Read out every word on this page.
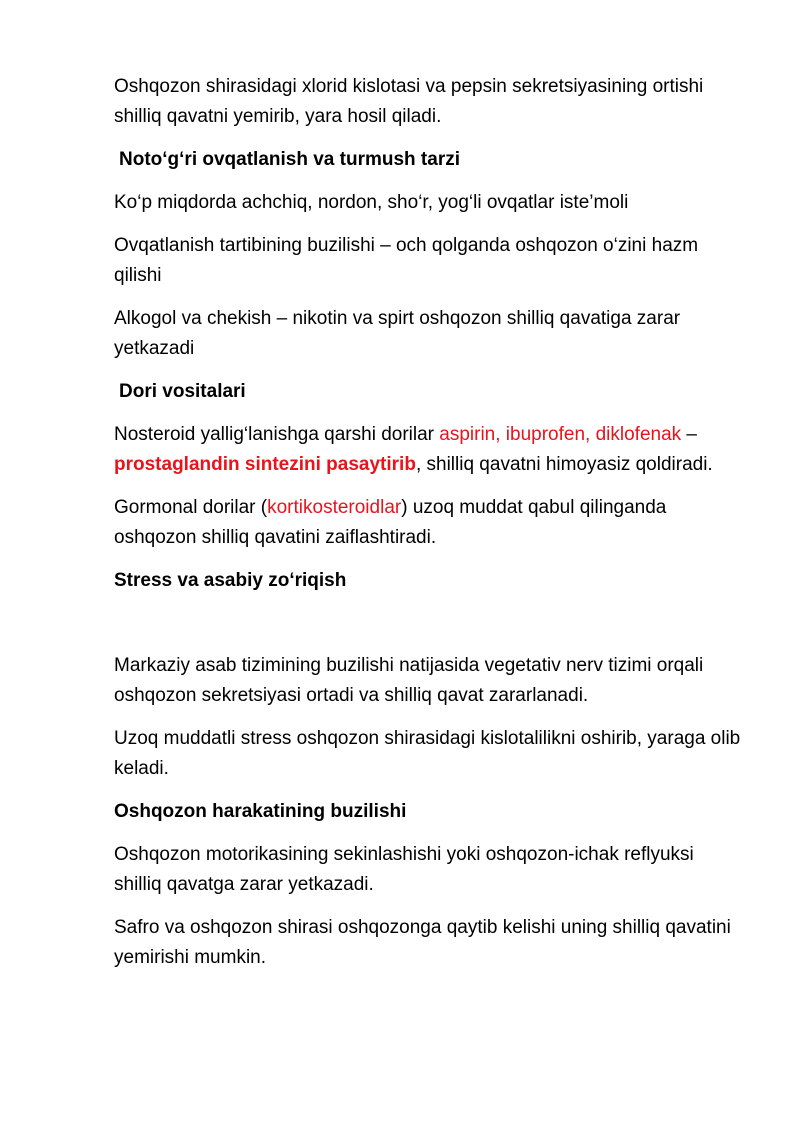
Oshqozon shirasidagi xlorid kislotasi va pepsin sekretsiyasining ortishi shilliq qavatni yemirib, yara hosil qiladi.

Noto‘g‘ri ovqatlanish va turmush tarzi

Ko‘p miqdorda achchiq, nordon, sho‘r, yog‘li ovqatlar iste’moli

Ovqatlanish tartibining buzilishi – och qolganda oshqozon o‘zini hazm qilishi

Alkogol va chekish – nikotin va spirt oshqozon shilliq qavatiga zarar yetkazadi

Dori vositalari

Nosteroid yallig‘lanishga qarshi dorilar aspirin, ibuprofen, diklofenak – prostaglandin sintezini pasaytirib, shilliq qavatni himoyasiz qoldiradi.

Gormonal dorilar (kortikosteroidlar) uzoq muddat qabul qilinganda oshqozon shilliq qavatini zaiflashtiradi.

Stress va asabiy zo‘riqish

Markaziy asab tizimining buzilishi natijasida vegetativ nerv tizimi orqali oshqozon sekretsiyasi ortadi va shilliq qavat zararlanadi.

Uzoq muddatli stress oshqozon shirasidagi kislotalilikni oshirib, yaraga olib keladi.

Oshqozon harakatining buzilishi

Oshqozon motorikasining sekinlashishi yoki oshqozon-ichak reflyuksi shilliq qavatga zarar yetkazadi.

Safro va oshqozon shirasi oshqozonga qaytib kelishi uning shilliq qavatini yemirishi mumkin.
